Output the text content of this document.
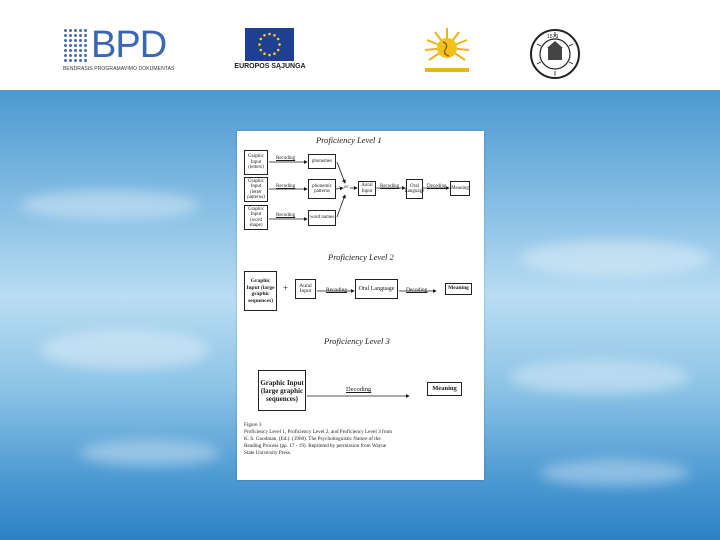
BPD
BENDRASIS PROGRAMAVIMO DOKUMENTAS	EUROPOS SĄJUNGA
1579
Proficiency Level 1
Graphic Input (letters)
Graphic Input (letter patterns)
Graphic Input (word shape)
Recoding
Recoding
Recoding
phonemes
phonemic patterns
word names
or	Aural Input
Recoding	Oral Language
Decoding Meaning
Proficiency Level 2
Graphic Input (large graphic sequences)
+	Aural Input	Recoding Oral Language Decoding	Meaning
Proficiency Level 3
Graphic Input (large graphic sequences)
Decoding	Meaning
Figure 3
Proficiency Level 1, Proficiency Level 2, and Proficiency Level 3 from
K. S. Goodman, (Ed.). (1968). The Psycholinguistic Nature of the
Reading Process (pp. 17 - 19). Reprinted by permission from Wayne
State University Press.
